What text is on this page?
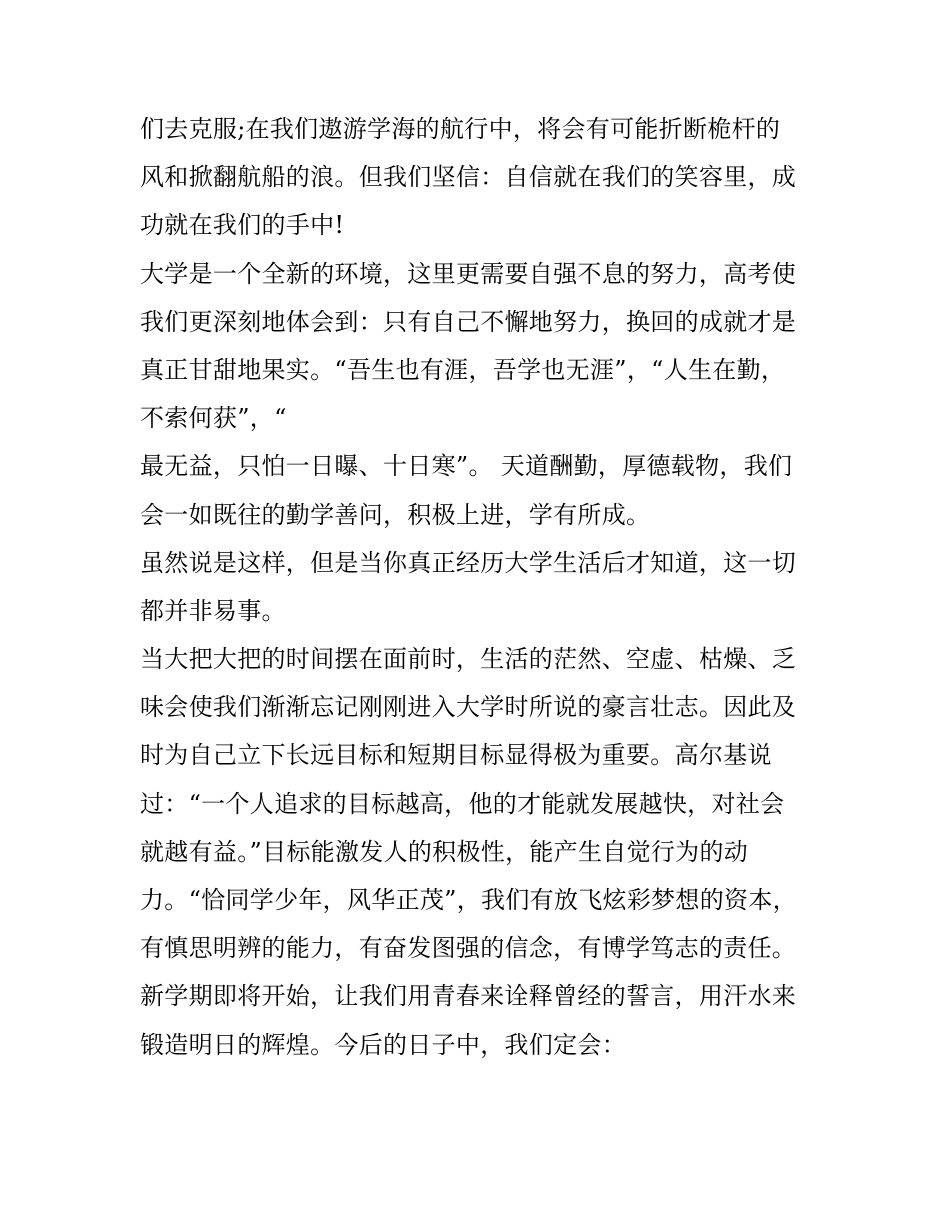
们去克服;在我们遨游学海的航行中，将会有可能折断桅杆的
风和掀翻航船的浪。但我们坚信：自信就在我们的笑容里，成
功就在我们的手中!
大学是一个全新的环境，这里更需要自强不息的努力，高考使
我们更深刻地体会到：只有自己不懈地努力，换回的成就才是
真正甘甜地果实。“吾生也有涯，吾学也无涯”，“人生在勤，
不索何获”，“
最无益，只怕一日曝、十日寒”。 天道酬勤，厚德载物，我们
会一如既往的勤学善问，积极上进，学有所成。
虽然说是这样，但是当你真正经历大学生活后才知道，这一切
都并非易事。
当大把大把的时间摆在面前时，生活的茫然、空虚、枯燥、乏
味会使我们渐渐忘记刚刚进入大学时所说的豪言壮志。因此及
时为自己立下长远目标和短期目标显得极为重要。高尔基说
过：“一个人追求的目标越高，他的才能就发展越快，对社会
就越有益。”目标能激发人的积极性，能产生自觉行为的动
力。“恰同学少年，风华正茂”，我们有放飞炫彩梦想的资本，
有慎思明辨的能力，有奋发图强的信念，有博学笃志的责任。
新学期即将开始，让我们用青春来诠释曾经的誓言，用汗水来
锻造明日的辉煌。今后的日子中，我们定会：
